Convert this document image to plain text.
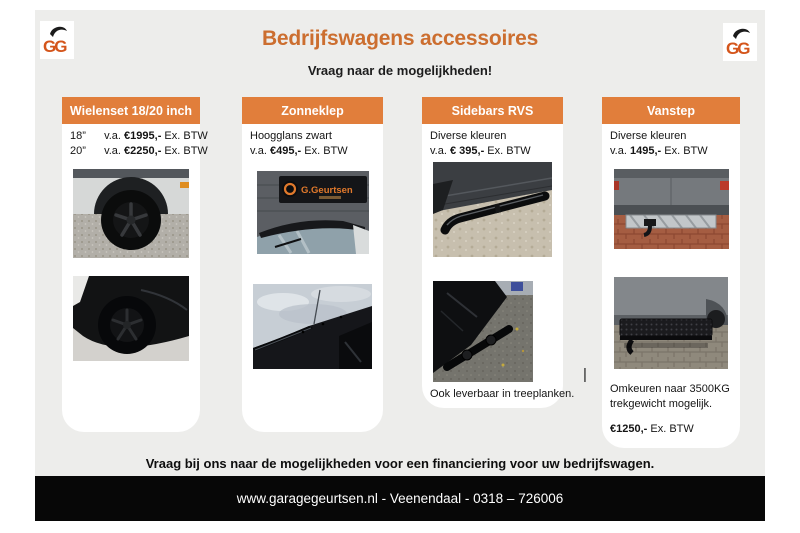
GG	GG
Bedrijfswagens accessoires
Vraag naar de mogelijkheden!
Wielenset 18/20 inch
18” v.a. €1995,- Ex. BTW
20” v.a. €2250,- Ex. BTW
Zonneklep
Hoogglans zwart
v.a. €495,- Ex. BTW
G.Geurtsen
Sidebars RVS
Diverse kleuren
v.a. € 395,- Ex. BTW
Ook leverbaar in treeplanken.
Vanstep
Diverse kleuren
v.a. 1495,- Ex. BTW
Omkeuren naar 3500KG
trekgewicht mogelijk.
€1250,- Ex. BTW
|
Vraag bij ons naar de mogelijkheden voor een financiering voor uw bedrijfswagen.
www.garagegeurtsen.nl - Veenendaal - 0318 – 726006
